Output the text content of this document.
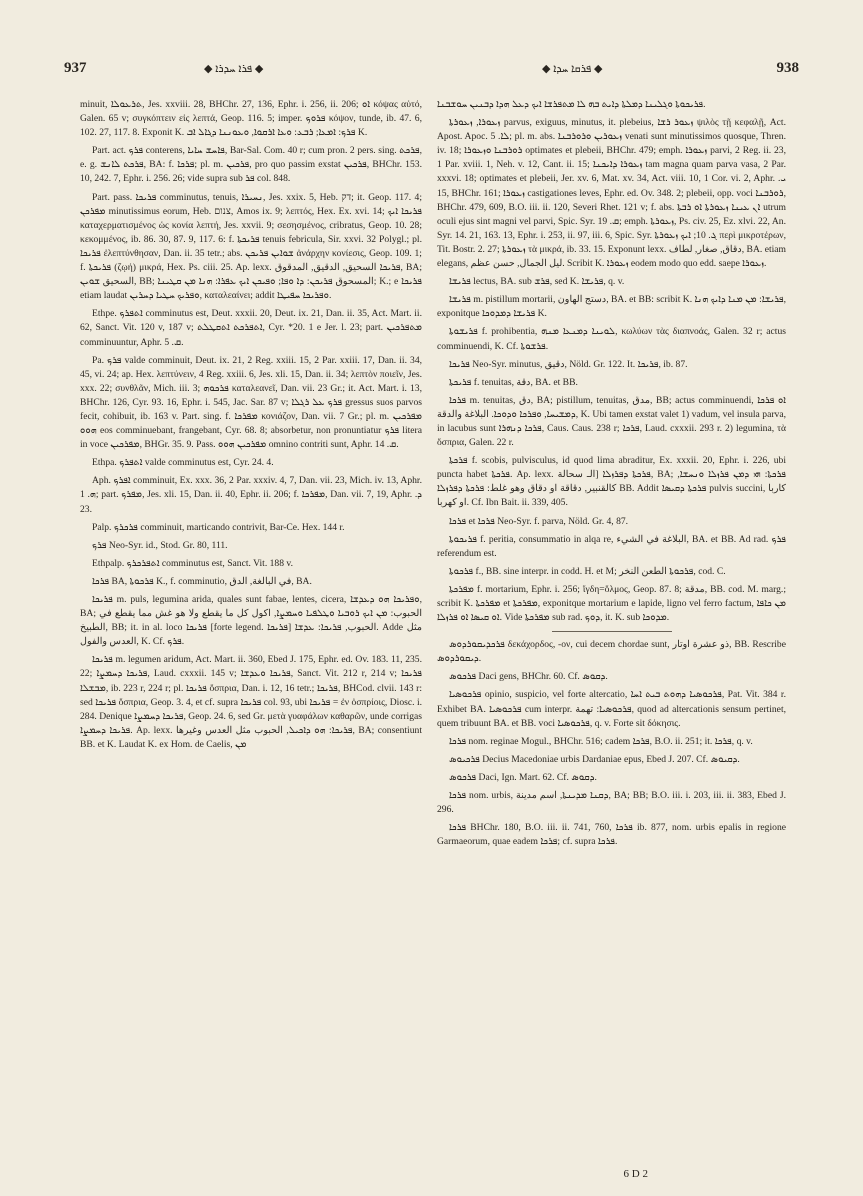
937	◆ ܦܪܐ ܚܕܪܐ ◆	◆ ܦܪܩܐ ܚܕܐ ◆	938

minuit, ܬܪܥܘܠܐ, Jes. xxviii. 28, BHChr. 27, 136, Ephr. i. 256, ii. 206; ܐܘ κόψας αὐτό, Galen. 65 v; συγκόπτειν εἰς λεπτά, Geop. 116. 5; imper. ܦܪܘܟ κόψον, tunde, ib. 47. 6, 102. 27, 117. 8. Exponit K. ܦܪܟ: ܐܡܥܐ; ܪܒܥ: ܘܥܐ ܐܪܩܘܐ, ܘܥܘܢܢܐ ܕܓܐܠ ܐܒ K.

Part. act. ܦܪܟ conterens, ܦܐܚܫ ܚܐܝܐ, Bar-Sal. Com. 40 r; cum pron. 2 pers. sing. ܦܪܟܬ, e. g. ܦܪܟܬ ܠܐܢܫ, BA: f. ܦܪܟܐ; pl. m. ܦܪܟܝܢ, pro quo passim exstat ܦܪܟܝܢ, BHChr. 153. 10, 242. 7, Ephr. i. 256. 26; vide supra sub ܦܪ col. 848.

Part. pass. ܦܪܝܟܐ comminutus, tenuis, ܢܚܝܪܐ, Jes. xxix. 5, Heb. דק; it. Geop. 117. 4; ܡܦܪܟܢ minutissimus eorum, Heb. צנום, Amos ix. 9; λεπτός, Hex. Ex. xvi. 14; ܦܪܝܟܐ ܐܝܟ καταχερματισμένος ὡς κονία λεπτή, Jes. xxvii. 9; σεσησμένος, cribratus, Geop. 10. 28; κεκομμένος, ib. 86. 30, 87. 9, 117. 6: f. ܦܪܝܟܬܐ tenuis febricula, Sir. xxvi. 32 Polygl.; pl. ܦܪܝܟܐ ἐλεπτύνθησαν, Dan. ii. 35 tetr.; abs. ܫܘܐܝܢ ܦܪܝܟܢ ἀνάρχην κονίεσις, Geop. 109. 1; f. ܦܪܝܟܬܐ (ζῳή) μικρά, Hex. Ps. ciii. 25. Ap. lexx. ܦܪܝܟܐ السحيق, الدقيق, المدقوق, BA; السحيق ܫܘܝܢ, BB; المسحوق ܦܪܝܟܢ: ܕܐ ܘܦܐ; ܘܦܝܟܢ ܐܝܟ ܥܦܪܐ: ܗܢܐ ܡܢ ܩܛܝܢܐ; K.; e ܦܪܝܟܐ etiam laudat ܘܦܪܝܟ ܚܛܝܐ ܕܚܪܝܢ, καταλεαίνει; addit ܘܦܪܝܟܐ ܚܦܝܛܐ.

Ethpe. ܐܬܦܪܟ comminutus est, Deut. xxxii. 20, Deut. ix. 21, Dan. ii. 35, Act. Mart. ii. 62, Sanct. Vit. 120 v, 187 v; ܐܬܦܪܟܬ ܐܬܩܛܠܬ, Cyr. *20. 1 e Jer. l. 23; part. ܡܬܦܪܟܝܢ comminuuntur, Aphr. ܩ. 5.

Pa. ܦܪܟ valde comminuit, Deut. ix. 21, 2 Reg. xxiii. 15, 2 Par. xxiii. 17, Dan. ii. 34, 45, vi. 24; ap. Hex. λεπτύνειν, 4 Reg. xxiii. 6, Jes. xli. 15, Dan. ii. 34; λεπτὸν ποιεῖν, Jes. xxx. 22; συνθλᾶν, Mich. iii. 3; ܦܪܟܘܗ καταλεανεῖ, Dan. vii. 23 Gr.; it. Act. Mart. i. 13, BHChr. 126, Cyr. 93. 16, Ephr. i. 545, Jac. Sar. 87 v; ܦܪܟ ܥܠ ܪܓܠܐ gressus suos parvos fecit, cohibuit, ib. 163 v. Part. sing. f. ܡܦܪܟܐ κονιάζον, Dan. vii. 7 Gr.; pl. m. ܡܦܪܟܝܢ ܗܘܘ eos comminuebant, frangebant, Cyr. 68. 8; absorbetur, non pronuntiatur ܦܪܟ litera in voce ܡܦܪܟܝܢ, BHGr. 35. 9. Pass. ܡܦܪܟܝܢ ܗܘܘ omnino contriti sunt, Aphr. ܩ. 14.

Ethpa. ܐܬܦܪܟ valde comminutus est, Cyr. 24. 4.

Aph. ܐܦܪܟ comminuit, Ex. xxx. 36, 2 Par. xxxiv. 4, 7, Dan. vii. 23, Mich. iv. 13, Aphr. ܗ. 1; part. ܡܦܪܟ, Jes. xli. 15, Dan. ii. 40, Ephr. ii. 206; f. ܡܦܪܟܐ, Dan. vii. 7, 19, Aphr. ܕ. 23.

Palp. ܦܪܟܪܟ comminuit, marticando contrivit, Bar-Ce. Hex. 144 r.

ܦܪܟ Neo-Syr. id., Stod. Gr. 80, 111.

Ethpalp. ܐܬܦܪܟܪܟ comminutus est, Sanct. Vit. 188 v.

ܦܪܟܐ BA, ܦܪܟܘܬܐ K., f. comminutio, في البالغة, الدق, BA.

ܦܪܝܟܐ m. puls, legumina arida, quales sunt fabae, lentes, cicera, ܘܦܪܝܟܐ ܗܘ ܕܥܕܫܐ, BA; الحبوب: ܡܢ ܐܝܟ ܪܘܒܝܐ ܘܛܠܦܝܐ ܘܚܡܨܐ, اكول كل ما يقطع ولا هو غش مما يقطع في الطبيخ, BB; it. in al. loco ܦܪܝܟܐ [forte legend. ܦܪܝܟܐ] الحبوب, ܦܪܝܟܐ: ܥܕܫܐ. Adde مثل العدس والفول, K. Cf. ܦܪܟ.

ܦܪܝܟܐ m. legumen aridum, Act. Mart. ii. 360, Ebed J. 175, Ephr. ed. Ov. 183. 11, 235. 22; ܦܪܝܟܐ ܕܚܡܨܐ, Laud. cxxxii. 145 v; ܦܪܝܟܐ ܘܥܕܫܐ, Sanct. Vit. 212 r, 214 v; ܦܪܝܟܐ ܡܒܫܠܐ, ib. 223 r, 224 r; pl. ܦܪܝܟܐ ὄσπρια, Dan. i. 12, 16 tetr.; ܦܪܝܟܐ, BHCod. clvii. 143 r: sed ܦܪܝܟܐ ὄσπρια, Geop. 3. 4, et cf. supra ܦܪܝܟܐ col. 93, ubi ܦܪܝܟܐ = ἐν ὀσπρίοις, Diosc. i. 284. Denique ܦܪܝܟܐ ܕܚܡܨܐ, Geop. 24. 6, sed Gr. μετὰ γυαφάλων καθαρῶν, unde corrigas ܦܪܝܟܐ ܕܚܡܨܐ. Ap. lexx. ܦܪܝܟܐ: ܗܘ ܕܐܟܝܠ, الحبوب مثل العدس وغيرها, BA; consentiunt BB. et K. Laudat K. ex Hom. de Caelis, ܡܢ

ܦܪܝܟܘܬܐ ܘܓܠܝܢܐ ܕܡܠܬܐ ܕܐܝܬ ܒܗ ܠܐ ܡܬܦܪܫܐ ܐܝܟ ܕܥܠ ܗܕܐ ܕܒܢܝܢ ܚܘܫܒܢܐ.

ܙܥܘܪܐ, ܙܥܘܪܬܐ parvus, exiguus, minutus, it. plebeius, ܙܥܘܪ ܪܫܐ ψιλὸς τῇ κεφαλῇ, Act. Apost. Apoc. ܠܐ. 5; pl. m. abs. ܙܥܘܪܝܢ ܘܪܘܪܒܢܐ venati sunt minutissimos quosque, Thren. iv. 18; ܪܘܪܒܢܐ ܘܙܥܘܪܐ optimates et plebeii, BHChr. 479; emph. ܙܥܘܪܐ parvi, 2 Reg. ii. 23, 1 Par. xviii. 1, Neh. v. 12, Cant. ii. 15; ܙܥܘܪܐ ܕܐܝܟܢܐ tam magna quam parva vasa, 2 Par. xxxvi. 18; optimates et plebeii, Jer. xv. 6, Mat. xv. 34, Act. viii. 10, 1 Cor. vi. 2, Aphr. ܝ. 15, BHChr. 161; ܙܥܘܪܐ castigationes leves, Ephr. ed. Ov. 348. 2; plebeii, opp. voci ܪܘܪܒܢܐ, BHChr. 479, 609, B.O. iii. ii. 120, Severi Rhet. 121 v; f. abs. ܐܢ ܥܝܢܐ ܙܥܘܪܬܐ ܐܘ ܪܒܬܐ utrum oculi ejus sint magni vel parvi, Spic. Syr. ܩ. 19; emph. ܙܥܘܪܬܐ, Ps. civ. 25, Ez. xlvi. 22, An. Syr. 14. 21, 163. 13, Ephr. i. 253, ii. 97, iii. 6, Spic. Syr. ܓ. 10; ܐܝܟ ܙܥܘܪܬܐ περὶ μικροτέρων, Tit. Bostr. 2. 27; ܙܥܘܪܬܐ τὰ μικρά, ib. 33. 15. Exponunt lexx. دقاق, صغار, لطاف, BA. etiam elegans, ليل الجمال, حسن عظم. Scribit K. ܙܥܘܪܐ eodem modo quo edd. saepe ܙܥܘܪܐ.

ܦܪܝܫܐ lectus, BA. sub ܦܪܫ, sed K. ܦܪܝܫܐ, q. v.

ܦܪܝܫܐ m. pistillum mortarii, دستج الهاون, BA. et BB: scribit K. ܦܪܝܫܐ: ܡܢ ܡܢܐ ܕܐܝܟ ܗܢܐ, exponitque ܦܪܝܫܐ ܕܡܕܘܟܐ K.

ܦܪܝܫܘܬܐ f. prohibentia, ܠܘܝܢܐ ܕܡܢܥܐ ܡܢܗ, κωλύων τὰς διαπνοάς, Galen. 32 r; actus comminuendi, K. Cf. ܦܪܫܘܬܐ.

ܦܪܝܟܐ Neo-Syr. minutus, دقيق, Nöld. Gr. 122. It. ܦܪܝܟܐ, ib. 87.

ܦܪܝܟܬܐ f. tenuitas, دقة, BA. et BB.

ܦܪܟܐ m. tenuitas, دق, BA; pistillum, tenuitas, مدق, BB; actus comminuendi, ܐܘ ܦܪܟܐ ܕܡܫܝܚܐ, ܘܦܪܟܐ ܘܕܘܟܐ. البلاغة والدقة, K. Ubi tamen exstat valet 1) vadum, vel insula parva, in lacubus sunt ܦܪܟܐ ܕܢܗܪܐ, Caus. Caus. 238 r; ܦܪܟܐ, Laud. cxxxii. 293 r. 2) legumina, τὰ ὄσπρια, Galen. 22 r.

ܦܪܟܬܐ f. scobis, pulvisculus, id quod lima abraditur, Ex. xxxii. 20, Ephr. i. 226, ubi puncta habet ܦܪܟܬܐ. Ap. lexx. ܦܪܟܬܐ ܕܦܪܙܠܐ [الـ سحالة, BA; ܦܪܟܬܐ: ܗܝ ܕܡܢ ܦܪܙܠܐ ܘܢܚܫܐ, كالقنبير, دقاقة او دقاق وهو غلط: ܦܪܟܬܐ ܕܦܪܙܠܐ BB. Addit ܦܪܟܬܐ ܕܩܝܣܐ pulvis succini, كاربا او كهربا. Cf. Ibn Bait. ii. 339, 405.

ܦܪܟܐ et ܦܪܟܐ Neo-Syr. f. parva, Nöld. Gr. 4, 87.

ܦܪܝܟܘܬܐ f. peritia, consummatio in alqa re, البلاغة في الشيء, BA. et BB. Ad rad. ܦܪܟ referendum est.

ܦܪܟܘܬܐ f., BB. sine interpr. in codd. H. et M; ܦܪܟܘܬܐ الطعن النخر, cod. C.

ܡܦܪܟܬܐ f. mortarium, Ephr. i. 256; ἴγδη=ὅλμος, Geop. 87. 8; مدقة, BB. cod. M. marg.; scribit K. ܡܦܪܟܬܐ et ܡܦܪܟܬܐ, exponitque mortarium e lapide, ligno vel ferro factum, ܡܢ ܟܐܦܐ ܐܘ ܩܝܣܐ ܐܘ ܦܪܙܠܐ. Vide ܡܦܪܟܬܐ sub rad. ܕܘܟ, it. K. sub ܡܕܘܟܐ.

ܦܪܟܕܝܩܘܪܕܘܣ δεκάχορδος, -ον, cui decem chordae sunt, ذو عشرة اوتار, BB. Rescribe ܕܝܩܘܪܕܘܣ.

ܦܪܟܘܣ Daci gens, BHChr. 60. Cf. ܕܩܘܣ.

ܦܪܟܘܣܝܐ opinio, suspicio, vel forte altercatio, ܦܪܟܘܣܝܐ ܕܗܘܬ ܒܝܬ ܐܚܐ, Pat. Vit. 384 r. Exhibet BA. ܦܪܟܘܣܝܐ cum interpr. ܦܪܟܘܣܝܐ: تهمة, quod ad altercationis sensum pertinet, quem tribuunt BA. et BB. voci ܦܪܟܘܣܝܐ, q. v. Forte sit δόκησις.

ܦܪܟܐ nom. reginae Mogul., BHChr. 516; cadem ܦܪܟܐ, B.O. ii. 251; it. ܦܪܟܐ, q. v.

ܦܪܟܝܘܣ Decius Macedoniae urbis Dardaniae epus, Ebed J. 207. Cf. ܕܩܝܘܣ.

ܦܪܟܘܣ Daci, Ign. Mart. 62. Cf. ܕܩܘܣ.

ܦܪܟܐ nom. urbis, ܕܩܢܐ ܡܕܝܢܬܐ, اسم مدينة, BA; BB; B.O. iii. i. 203, iii. ii. 383, Ebed J. 296.

ܦܪܟܐ BHChr. 180, B.O. iii. ii. 741, 760, ܦܪܟܐ ib. 877, nom. urbis epalis in regione Garmaeorum, quae eadem ܦܪܟܐ; cf. supra ܦܪܟܐ.

6 D 2
